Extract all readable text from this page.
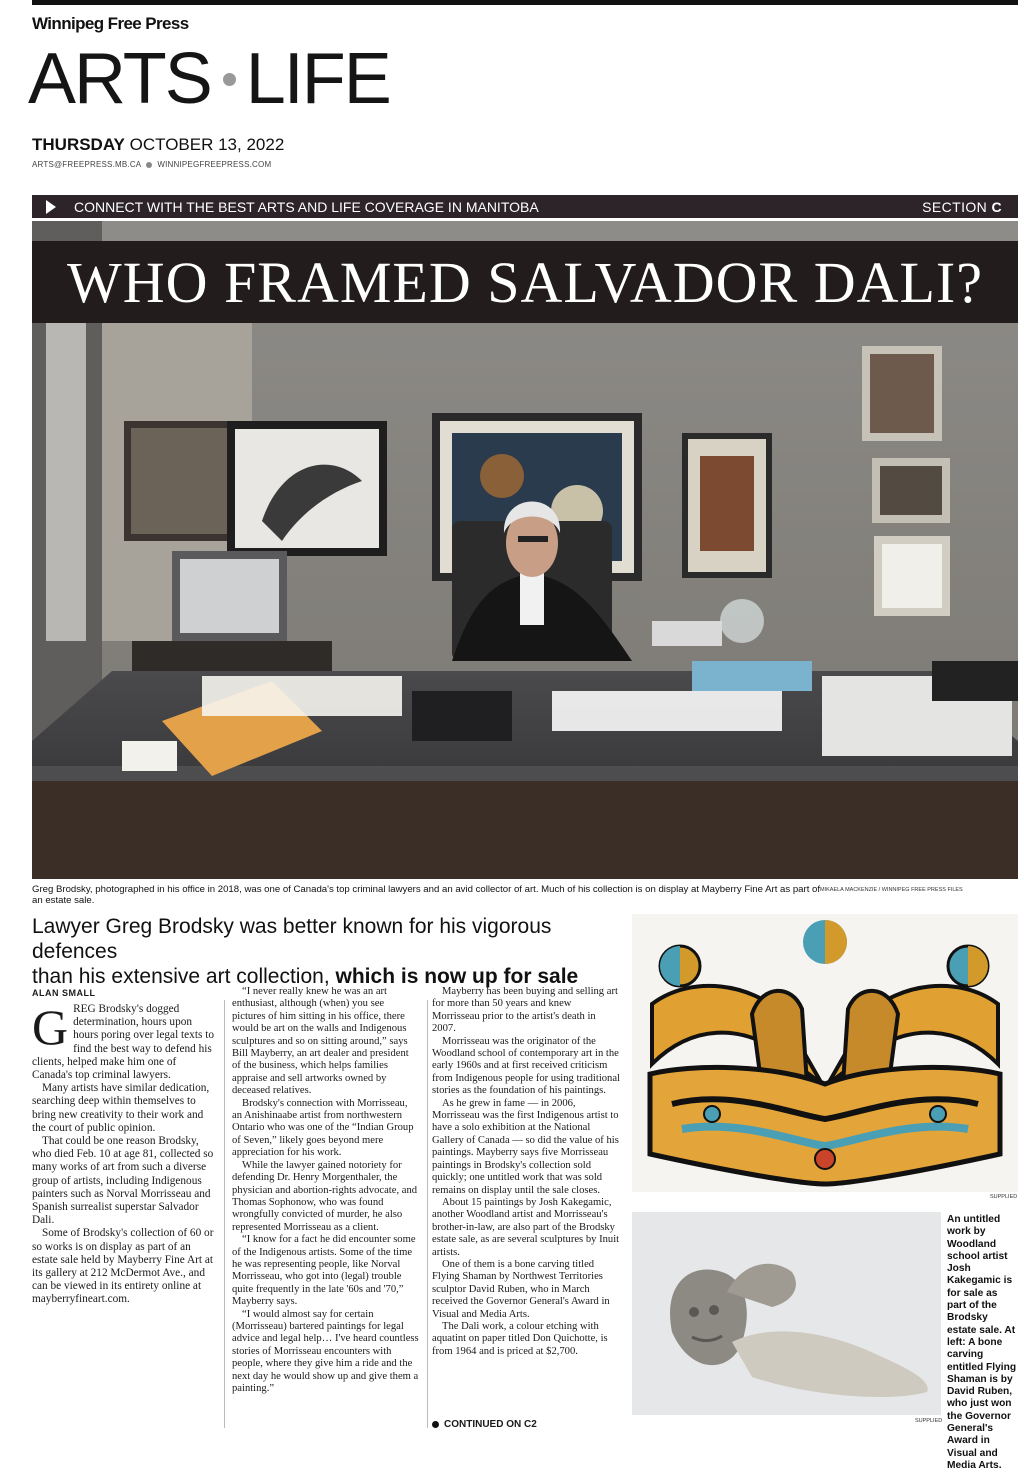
Winnipeg Free Press
ARTS LIFE
THURSDAY OCTOBER 13, 2022
ARTS@FREEPRESS.MB.CA WINNIPEGFREEPRESS.COM
CONNECT WITH THE BEST ARTS AND LIFE COVERAGE IN MANITOBA	SECTION C
WHO FRAMED SALVADOR DALI?
Greg Brodsky, photographed in his office in 2018, was one of Canada's top criminal lawyers and an avid collector of art. Much of his collection is on display at Mayberry Fine Art as part of an estate sale.
MIKAELA MACKENZIE / WINNIPEG FREE PRESS FILES
Lawyer Greg Brodsky was better known for his vigorous defences
than his extensive art collection, which is now up for sale
ALAN SMALL

GREG Brodsky's dogged determination, hours upon hours poring over legal texts to find the best way to defend his clients, helped make him one of Canada's top criminal lawyers.

Many artists have similar dedication, searching deep within themselves to bring new creativity to their work and the court of public opinion.

That could be one reason Brodsky, who died Feb. 10 at age 81, collected so many works of art from such a diverse group of artists, including Indigenous painters such as Norval Morrisseau and Spanish surrealist superstar Salvador Dali.

Some of Brodsky's collection of 60 or so works is on display as part of an estate sale held by Mayberry Fine Art at its gallery at 212 McDermot Ave., and can be viewed in its entirety online at mayberryfineart.com.

“I never really knew he was an art enthusiast, although (when) you see pictures of him sitting in his office, there would be art on the walls and Indigenous sculptures and so on sitting around,” says Bill Mayberry, an art dealer and president of the business, which helps families appraise and sell artworks owned by deceased relatives.

Brodsky's connection with Morrisseau, an Anishinaabe artist from northwestern Ontario who was one of the “Indian Group of Seven,” likely goes beyond mere appreciation for his work.

While the lawyer gained notoriety for defending Dr. Henry Morgenthaler, the physician and abortion-rights advocate, and Thomas Sophonow, who was found wrongfully convicted of murder, he also represented Morrisseau as a client.

“I know for a fact he did encounter some of the Indigenous artists. Some of the time he was representing people, like Norval Morrisseau, who got into (legal) trouble quite frequently in the late '60s and '70,” Mayberry says.

“I would almost say for certain (Morrisseau) bartered paintings for legal advice and legal help… I've heard countless stories of Morrisseau encounters with people, where they give him a ride and the next day he would show up and give them a painting.”

Mayberry has been buying and selling art for more than 50 years and knew Morrisseau prior to the artist's death in 2007.

Morrisseau was the originator of the Woodland school of contemporary art in the early 1960s and at first received criticism from Indigenous people for using traditional stories as the foundation of his paintings.

As he grew in fame — in 2006, Morrisseau was the first Indigenous artist to have a solo exhibition at the National Gallery of Canada — so did the value of his paintings. Mayberry says five Morrisseau paintings in Brodsky's collection sold quickly; one untitled work that was sold remains on display until the sale closes.

About 15 paintings by Josh Kakegamic, another Woodland artist and Morrisseau's brother-in-law, are also part of the Brodsky estate sale, as are several sculptures by Inuit artists.

One of them is a bone carving titled Flying Shaman by Northwest Territories sculptor David Ruben, who in March received the Governor General's Award in Visual and Media Arts.

The Dali work, a colour etching with aquatint on paper titled Don Quichotte, is from 1964 and is priced at $2,700.

CONTINUED ON C2
SUPPLIED
SUPPLIED
An untitled work by Woodland school artist Josh Kakegamic is for sale as part of the Brodsky estate sale. At left: A bone carving entitled Flying Shaman is by David Ruben, who just won the Governor General's Award in Visual and Media Arts.
